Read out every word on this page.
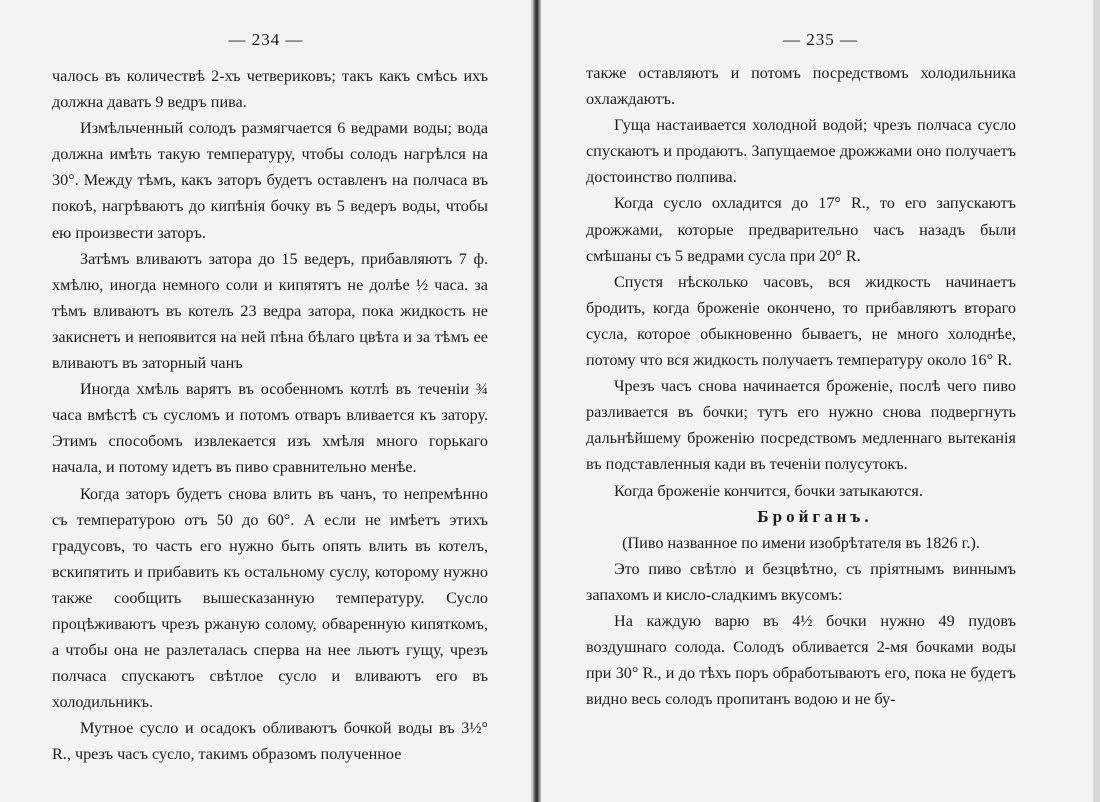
— 234 —	— 235 —

чалось въ количествѣ 2-хъ четвериковъ; такъ какъ смѣсь ихъ должна давать 9 ведръ пива.

Измѣльченный солодъ размягчается 6 ведрами воды; вода должна имѣть такую температуру, чтобы солодъ нагрѣлся на 30°. Между тѣмъ, какъ заторъ будетъ оставленъ на полчаса въ покоѣ, нагрѣваютъ до кипѣнія бочку въ 5 ведеръ воды, чтобы ею произвести заторъ.

Затѣмъ вливаютъ затора до 15 ведеръ, прибавляютъ 7 ф. хмѣлю, иногда немного соли и кипятятъ не долѣе ½ часа. за тѣмъ вливаютъ въ котелъ 23 ведра затора, пока жидкость не закиснетъ и непоявится на ней пѣна бѣлаго цвѣта и за тѣмъ ее вливаютъ въ заторный чанъ

Иногда хмѣль варятъ въ особенномъ котлѣ въ теченіи ¾ часа вмѣстѣ съ сусломъ и потомъ отваръ вливается къ затору. Этимъ способомъ извлекается изъ хмѣля много горькаго начала, и потому идетъ въ пиво сравнительно менѣе.

Когда заторъ будетъ снова влить въ чанъ, то непремѣнно съ температурою отъ 50 до 60°. А если не имѣетъ этихъ градусовъ, то часть его нужно быть опять влить въ котелъ, вскипятить и прибавить къ остальному суслу, которому нужно также сообщить вышесказанную температуру. Сусло процѣживаютъ чрезъ ржаную солому, обваренную кипяткомъ, а чтобы она не разлеталась сперва на нее льютъ гущу, чрезъ полчаса спускаютъ свѣтлое сусло и вливаютъ его въ холодильникъ.

Мутное сусло и осадокъ обливаютъ бочкой воды въ 3½° R., чрезъ часъ сусло, такимъ образомъ полученное

также оставляютъ и потомъ посредствомъ холодильника охлаждаютъ.

Гуща настаивается холодной водой; чрезъ полчаса сусло спускаютъ и продаютъ. Запущаемое дрожжами оно получаетъ достоинство полпива.

Когда сусло охладится до 17° R., то его запускаютъ дрожжами, которые предварительно часъ назадъ были смѣшаны съ 5 ведрами сусла при 20° R.

Спустя нѣсколько часовъ, вся жидкость начинаетъ бродить, когда броженіе окончено, то прибавляютъ втораго сусла, которое обыкновенно бываетъ, не много холоднѣе, потому что вся жидкость получаетъ температуру около 16° R.

Чрезъ часъ снова начинается броженіе, послѣ чего пиво разливается въ бочки; тутъ его нужно снова подвергнуть дальнѣйшему броженію посредствомъ медленнаго вытеканія въ подставленныя кади въ теченіи полусутокъ.

Когда броженіе кончится, бочки затыкаются.

Бройганъ.

(Пиво названное по имени изобрѣтателя въ 1826 г.).

Это пиво свѣтло и безцвѣтно, съ пріятнымъ виннымъ запахомъ и кисло-сладкимъ вкусомъ:

На каждую варю въ 4½ бочки нужно 49 пудовъ воздушнаго солода. Солодъ обливается 2-мя бочками воды при 30° R., и до тѣхъ поръ обработываютъ его, пока не будетъ видно весь солодъ пропитанъ водою и не бу-
